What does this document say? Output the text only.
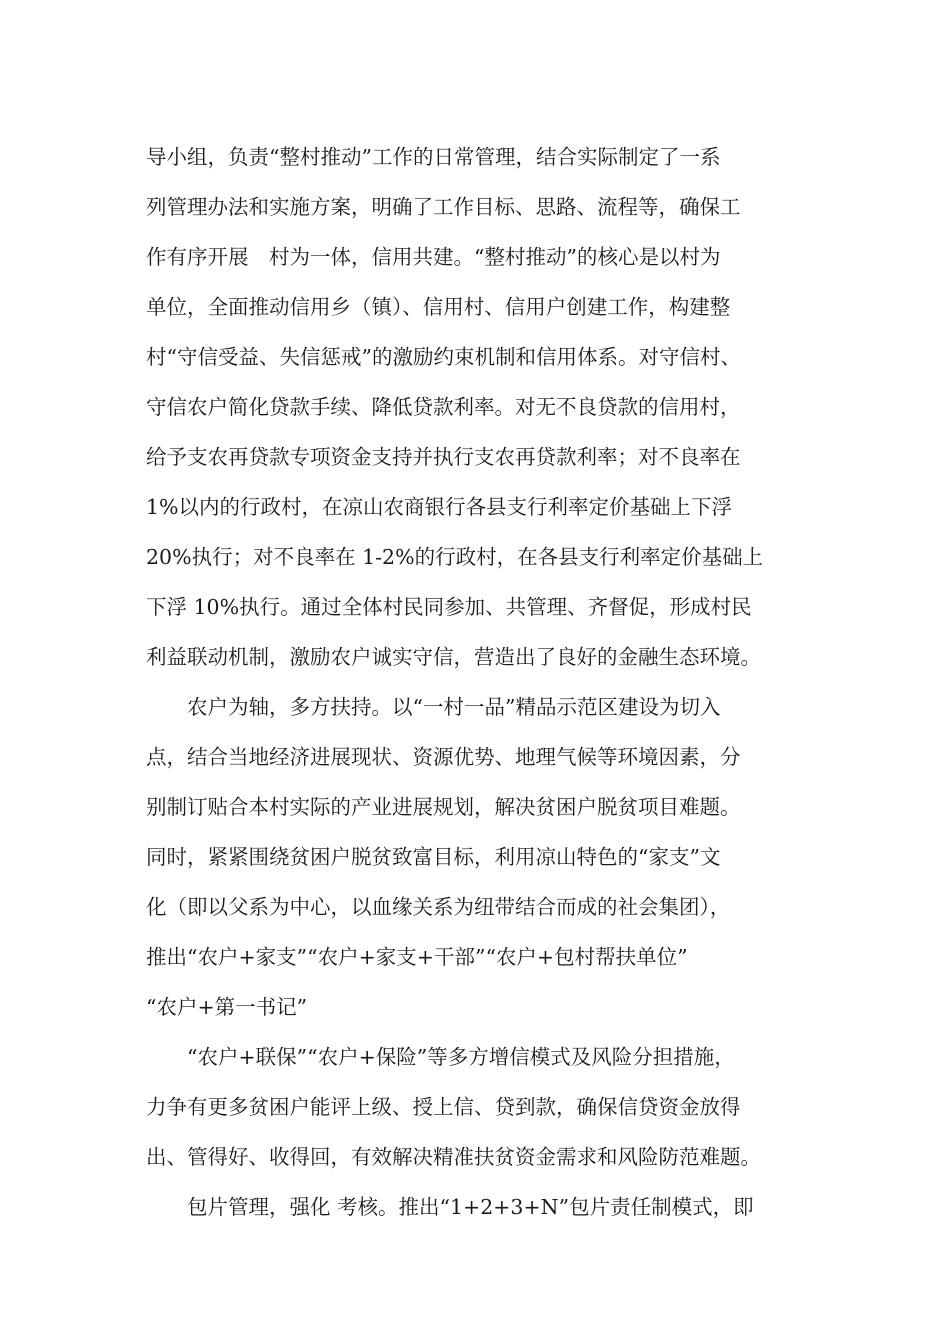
导小组，负责“整村推动”工作的日常管理，结合实际制定了一系
列管理办法和实施方案，明确了工作目标、思路、流程等，确保工
作有序开展　村为一体，信用共建。“整村推动”的核心是以村为
单位，全面推动信用乡（镇）、信用村、信用户创建工作，构建整
村“守信受益、失信惩戒”的激励约束机制和信用体系。对守信村、
守信农户简化贷款手续、降低贷款利率。对无不良贷款的信用村，
给予支农再贷款专项资金支持并执行支农再贷款利率；对不良率在
1%以内的行政村，在凉山农商银行各县支行利率定价基础上下浮
20%执行；对不良率在 1-2%的行政村，在各县支行利率定价基础上
下浮 10%执行。通过全体村民同参加、共管理、齐督促，形成村民
利益联动机制，激励农户诚实守信，营造出了良好的金融生态环境。
农户为轴，多方扶持。以“一村一品”精品示范区建设为切入
点，结合当地经济进展现状、资源优势、地理气候等环境因素，分
别制订贴合本村实际的产业进展规划，解决贫困户脱贫项目难题。
同时，紧紧围绕贫困户脱贫致富目标，利用凉山特色的“家支”文
化（即以父系为中心，以血缘关系为纽带结合而成的社会集团），
推出“农户+家支”“农户+家支+干部”“农户+包村帮扶单位”
“农户+第一书记”
“农户+联保”“农户+保险”等多方增信模式及风险分担措施，
力争有更多贫困户能评上级、授上信、贷到款，确保信贷资金放得
出、管得好、收得回，有效解决精准扶贫资金需求和风险防范难题。
包片管理，强化 考核。推出“1+2+3+N”包片责任制模式，即
